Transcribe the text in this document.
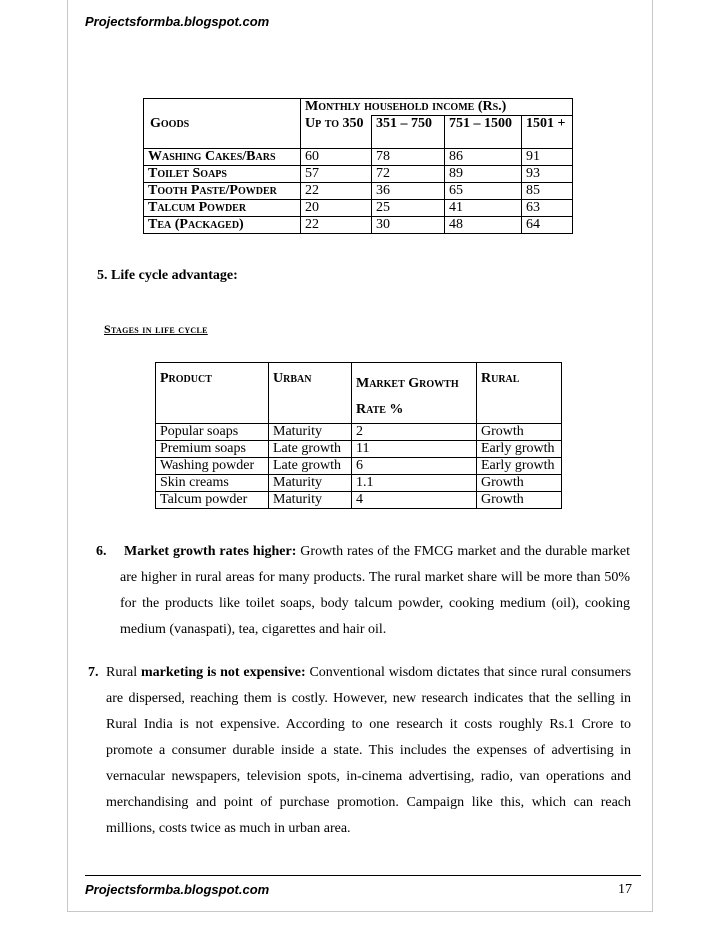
Projectsformba.blogspot.com
Goods	Monthly household income (Rs.)			
	Up to 350	351 – 750	751 – 1500	1501 +
Washing Cakes/Bars	60	78	86	91
Toilet Soaps	57	72	89	93
Tooth Paste/Powder	22	36	65	85
Talcum Powder	20	25	41	63
Tea (Packaged)	22	30	48	64
5. Life cycle advantage:
Stages in life cycle
Product	Urban	Market Growth Rate %	Rural
Popular soaps	Maturity	2	Growth
Premium soaps	Late growth	11	Early growth
Washing powder	Late growth	6	Early growth
Skin creams	Maturity	1.1	Growth
Talcum powder	Maturity	4	Growth
6.	Market growth rates higher: Growth rates of the FMCG market and the durable market are higher in rural areas for many products. The rural market share will be more than 50% for the products like toilet soaps, body talcum powder, cooking medium (oil), cooking medium (vanaspati), tea, cigarettes and hair oil.
7. Rural marketing is not expensive: Conventional wisdom dictates that since rural consumers are dispersed, reaching them is costly. However, new research indicates that the selling in Rural India is not expensive. According to one research it costs roughly Rs.1 Crore to promote a consumer durable inside a state. This includes the expenses of advertising in vernacular newspapers, television spots, in-cinema advertising, radio, van operations and merchandising and point of purchase promotion. Campaign like this, which can reach millions, costs twice as much in urban area.
Projectsformba.blogspot.com	17
